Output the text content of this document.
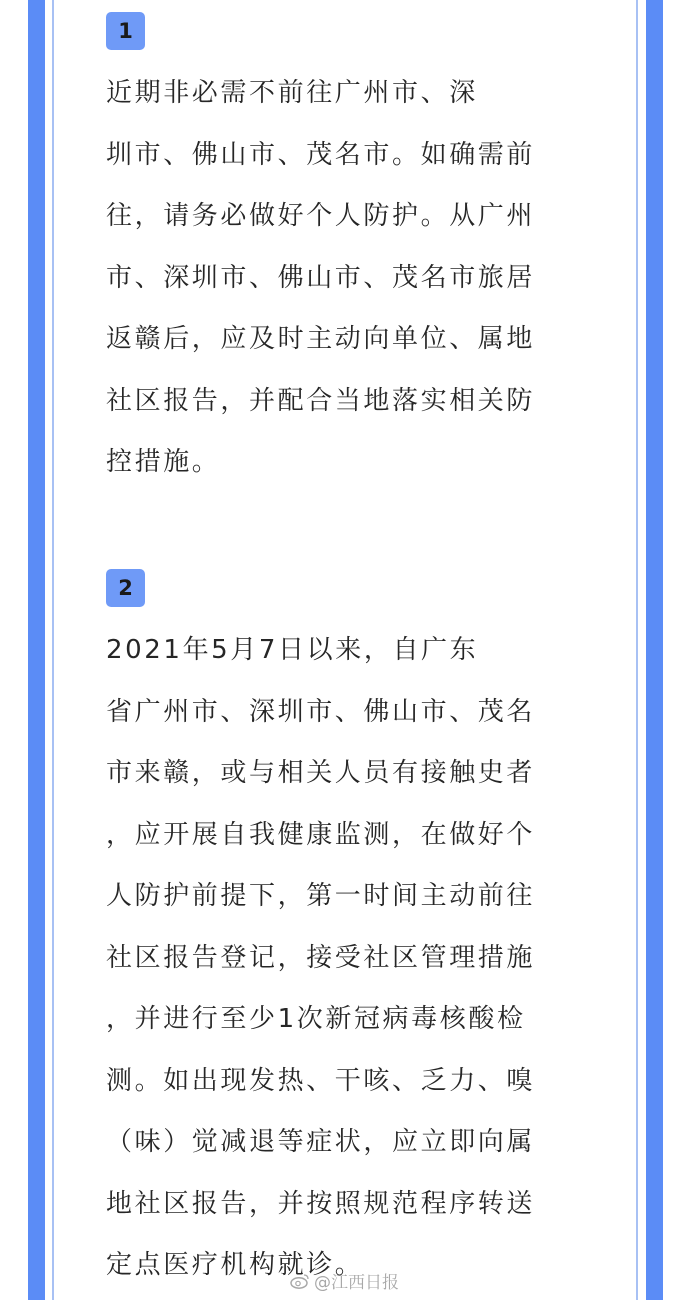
1

近期非必需不前往广州市、深
圳市、佛山市、茂名市。如确需前
往，请务必做好个人防护。从广州
市、深圳市、佛山市、茂名市旅居
返赣后，应及时主动向单位、属地
社区报告，并配合当地落实相关防
控措施。

2

2021年5月7日以来，自广东
省广州市、深圳市、佛山市、茂名
市来赣，或与相关人员有接触史者
，应开展自我健康监测，在做好个
人防护前提下，第一时间主动前往
社区报告登记，接受社区管理措施
，并进行至少1次新冠病毒核酸检
测。如出现发热、干咳、乏力、嗅
（味）觉减退等症状，应立即向属
地社区报告，并按照规范程序转送
定点医疗机构就诊。

@江西日报
